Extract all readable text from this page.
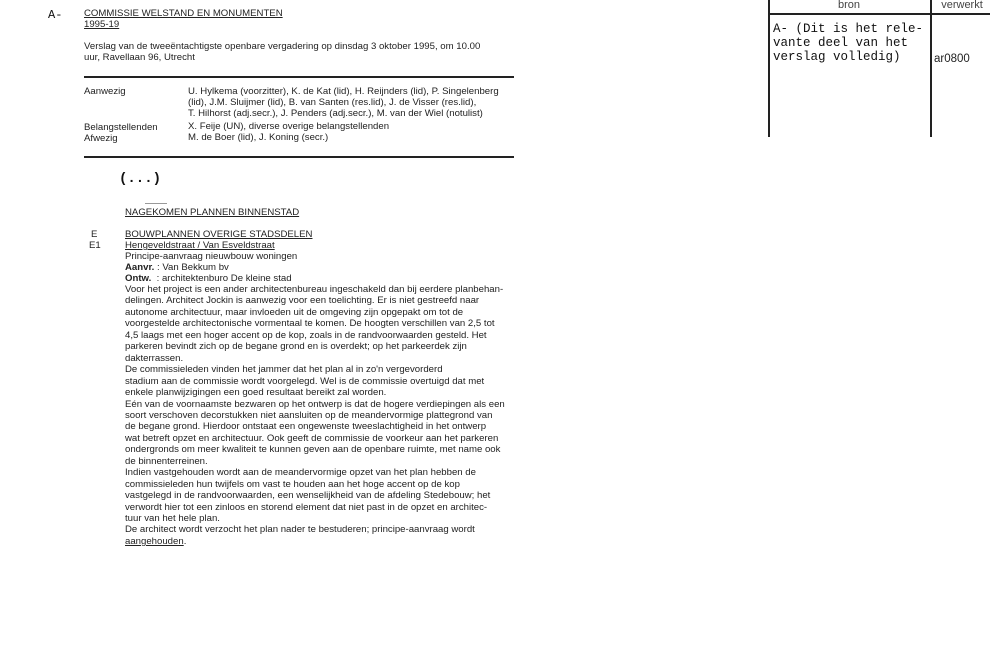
A- COMMISSIE WELSTAND EN MONUMENTEN
1995-19
Verslag van de tweeëntachtigste openbare vergadering op dinsdag 3 oktober 1995, om 10.00
uur, Ravellaan 96, Utrecht
Aanwezig	U. Hylkema (voorzitter), K. de Kat (lid), H. Reijnders (lid), P. Singelenberg
(lid), J.M. Sluijmer (lid), B. van Santen (res.lid), J. de Visser (res.lid),
T. Hilhorst (adj.secr.), J. Penders (adj.secr.), M. van der Wiel (notulist)
Belangstellenden	X. Feije (UN), diverse overige belangstellenden
Afwezig	M. de Boer (lid), J. Koning (secr.)
(...)
NAGEKOMEN PLANNEN BINNENSTAD
E	BOUWPLANNEN OVERIGE STADSDELEN
E1	Hengeveldstraat / Van Esveldstraat
Principe-aanvraag nieuwbouw woningen
Aanvr. : Van Bekkum bv
Ontw. : architektenburo De kleine stad
Voor het project is een ander architectenbureau ingeschakeld dan bij eerdere planbehan-
delingen. Architect Jockin is aanwezig voor een toelichting. Er is niet gestreefd naar
autonome architectuur, maar invloeden uit de omgeving zijn opgepakt om tot de
voorgestelde architectonische vormentaal te komen. De hoogten verschillen van 2,5 tot
4,5 laags met een hoger accent op de kop, zoals in de randvoorwaarden gesteld. Het
parkeren bevindt zich op de begane grond en is overdekt; op het parkeerdek zijn
dakterrassen.
De commissieleden vinden het jammer dat het plan al in zo'n vergevorderd
stadium aan de commissie wordt voorgelegd. Wel is de commissie overtuigd dat met
enkele planwijzigingen een goed resultaat bereikt zal worden.
Eén van de voornaamste bezwaren op het ontwerp is dat de hogere verdiepingen als een
soort verschoven decorstukken niet aansluiten op de meandervormige plattegrond van
de begane grond. Hierdoor ontstaat een ongewenste tweeslachtigheid in het ontwerp
wat betreft opzet en architectuur. Ook geeft de commissie de voorkeur aan het parkeren
ondergronds om meer kwaliteit te kunnen geven aan de openbare ruimte, met name ook
de binnenterreinen.
Indien vastgehouden wordt aan de meandervormige opzet van het plan hebben de
commissieleden hun twijfels om vast te houden aan het hoge accent op de kop
vastgelegd in de randvoorwaarden, een wenselijkheid van de afdeling Stedebouw; het
verwordt hier tot een zinloos en storend element dat niet past in de opzet en architec-
tuur van het hele plan.
De architect wordt verzocht het plan nader te bestuderen; principe-aanvraag wordt
aangehouden.
bron	verwerkt
A- (Dit is het rele-
vante deel van het
verslag volledig)	ar0800
